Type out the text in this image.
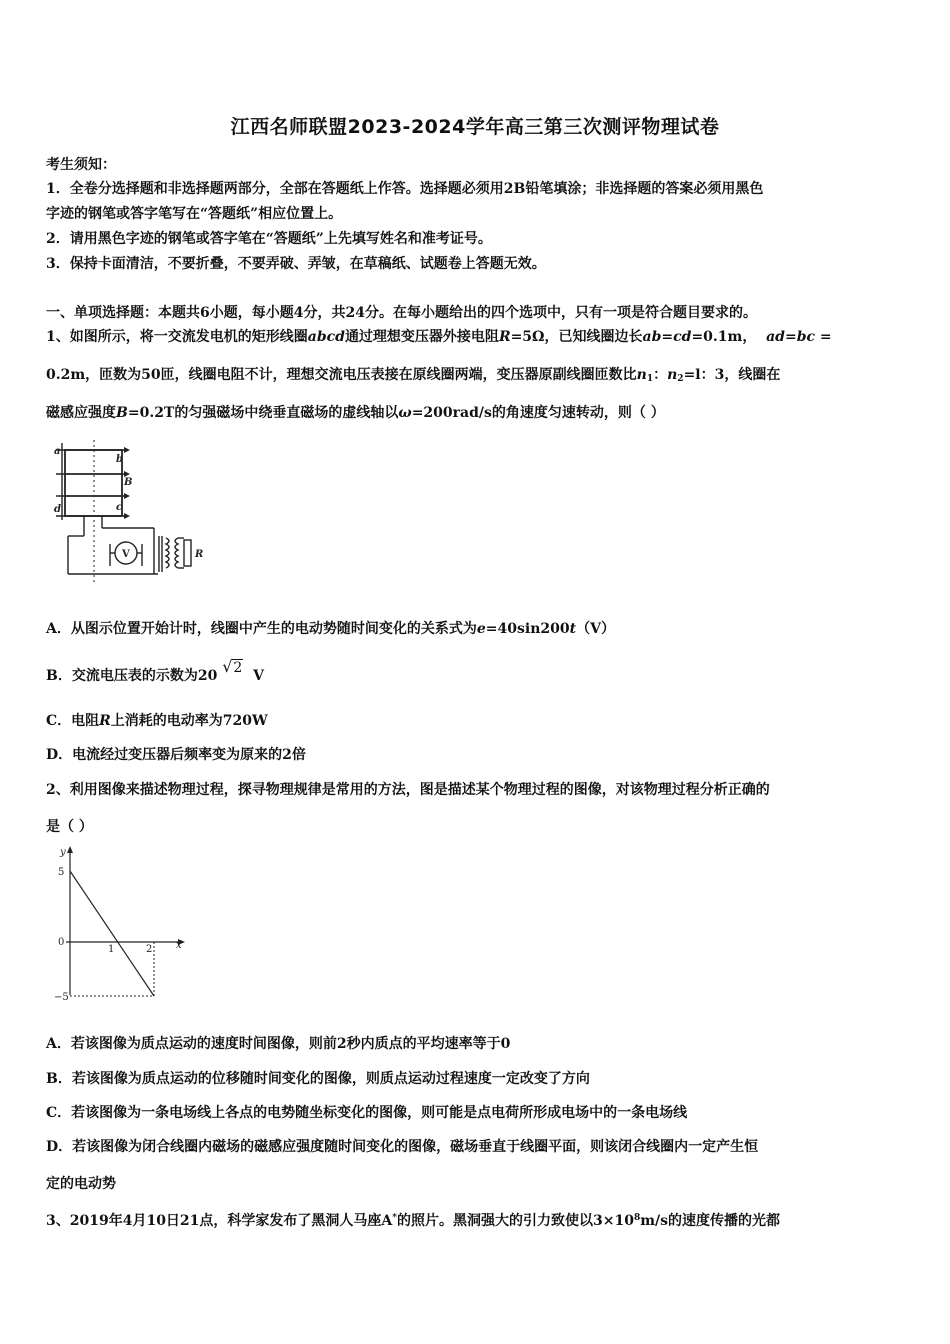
江西名师联盟2023-2024学年高三第三次测评物理试卷
考生须知：
1．全卷分选择题和非选择题两部分，全部在答题纸上作答。选择题必须用2B铅笔填涂；非选择题的答案必须用黑色
字迹的钢笔或答字笔写在“答题纸”相应位置上。
2．请用黑色字迹的钢笔或答字笔在“答题纸”上先填写姓名和准考证号。
3．保持卡面清洁，不要折叠，不要弄破、弄皱，在草稿纸、试题卷上答题无效。
一、单项选择题：本题共6小题，每小题4分，共24分。在每小题给出的四个选项中，只有一项是符合题目要求的。
1、如图所示，将一交流发电机的矩形线圈abcd通过理想变压器外接电阻R=5Ω，已知线圈边长ab=cd=0.1m， ad=bc =
0.2m，匝数为50匝，线圈电阻不计，理想交流电压表接在原线圈两端，变压器原副线圈匝数比$n_1$：$n_2=l$：3，线圈在
磁感应强度B=0.2T的匀强磁场中绕垂直磁场的虚线轴以ω=200rad/s的角速度匀速转动，则（ ）
a
b
B
d	c
V	R
A．从图示位置开始计时，线圈中产生的电动势随时间变化的关系式为e=40sin200t（V）
B．交流电压表的示数为20 √2 V
C．电阻R上消耗的电动率为720W
D．电流经过变压器后频率变为原来的2倍
2、利用图像来描述物理过程，探寻物理规律是常用的方法，图是描述某个物理过程的图像，对该物理过程分析正确的
是（ ）
y
x
0
5
1	2
−5
A．若该图像为质点运动的速度时间图像，则前2秒内质点的平均速率等于0
B．若该图像为质点运动的位移随时间变化的图像，则质点运动过程速度一定改变了方向
C．若该图像为一条电场线上各点的电势随坐标变化的图像，则可能是点电荷所形成电场中的一条电场线
D．若该图像为闭合线圈内磁场的磁感应强度随时间变化的图像，磁场垂直于线圈平面，则该闭合线圈内一定产生恒
定的电动势
3、2019年4月10日21点，科学家发布了黑洞人马座A*的照片。黑洞强大的引力致使以$3\times 10^8m/s$的速度传播的光都
